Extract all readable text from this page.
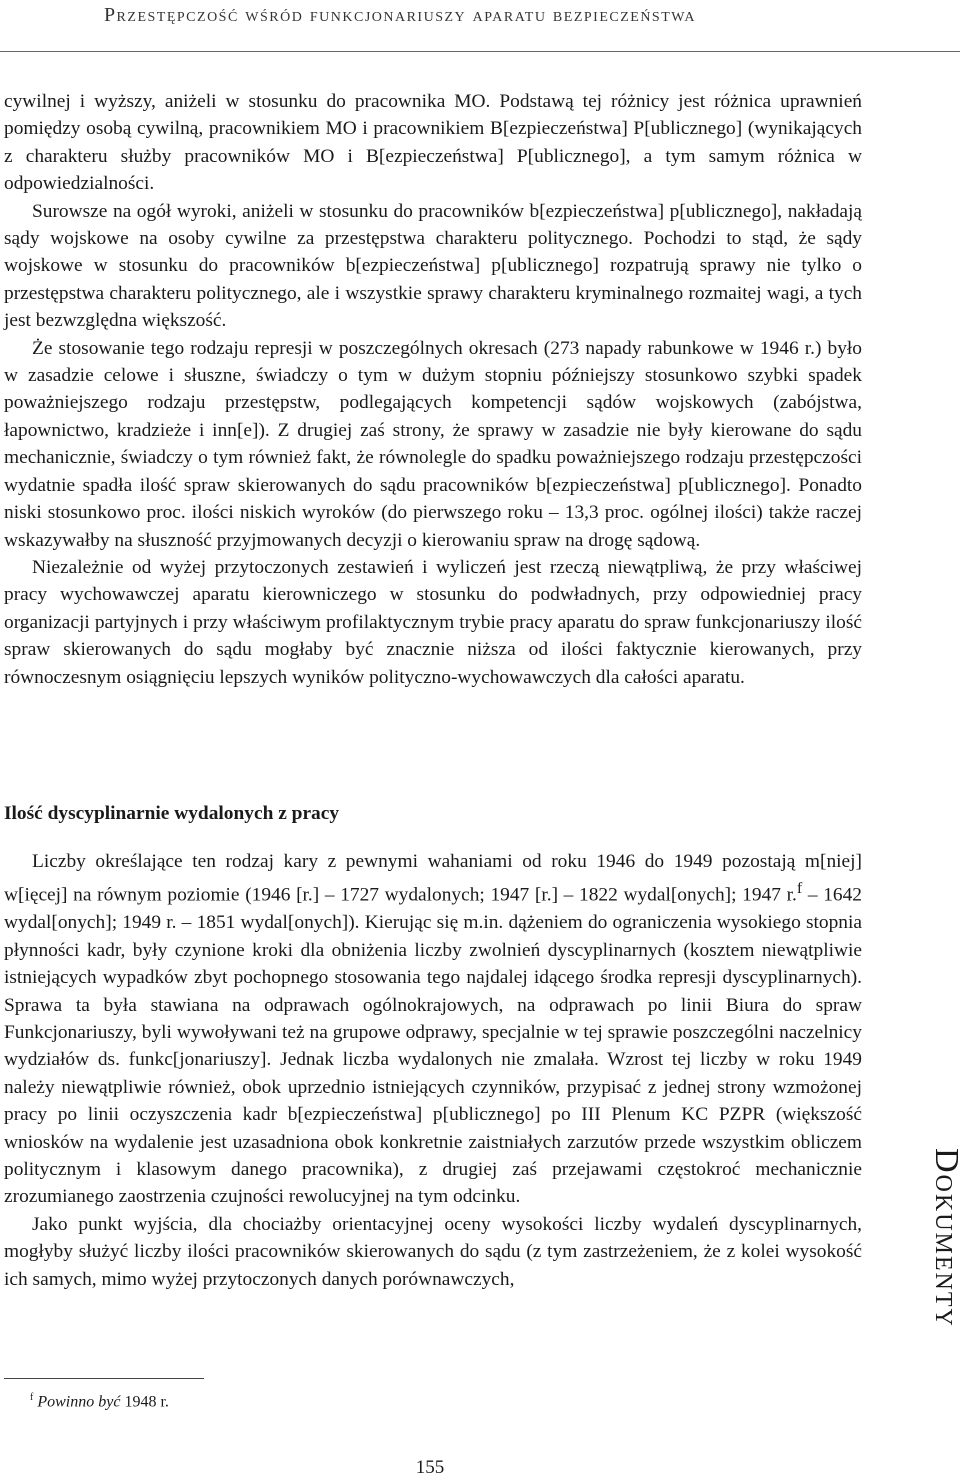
Przestępczość wśród funkcjonariuszy aparatu bezpieczeństwa

cywilnej i wyższy, aniżeli w stosunku do pracownika MO. Podstawą tej różnicy jest różnica uprawnień pomiędzy osobą cywilną, pracownikiem MO i pracownikiem B[ezpieczeństwa] P[ublicznego] (wynikających z charakteru służby pracowników MO i B[ezpieczeństwa] P[ublicznego], a tym samym różnica w odpowiedzialności.

Surowsze na ogół wyroki, aniżeli w stosunku do pracowników b[ezpieczeństwa] p[ublicznego], nakładają sądy wojskowe na osoby cywilne za przestępstwa charakteru politycznego. Pochodzi to stąd, że sądy wojskowe w stosunku do pracowników b[ezpieczeństwa] p[ublicznego] rozpatrują sprawy nie tylko o przestępstwa charakteru politycznego, ale i wszystkie sprawy charakteru kryminalnego rozmaitej wagi, a tych jest bezwzględna większość.

Że stosowanie tego rodzaju represji w poszczególnych okresach (273 napady rabunkowe w 1946 r.) było w zasadzie celowe i słuszne, świadczy o tym w dużym stopniu późniejszy stosunkowo szybki spadek poważniejszego rodzaju przestępstw, podlegających kompetencji sądów wojskowych (zabójstwa, łapownictwo, kradzieże i inn[e]). Z drugiej zaś strony, że sprawy w zasadzie nie były kierowane do sądu mechanicznie, świadczy o tym również fakt, że równolegle do spadku poważniejszego rodzaju przestępczości wydatnie spadła ilość spraw skierowanych do sądu pracowników b[ezpieczeństwa] p[ublicznego]. Ponadto niski stosunkowo proc. ilości niskich wyroków (do pierwszego roku – 13,3 proc. ogólnej ilości) także raczej wskazywałby na słuszność przyjmowanych decyzji o kierowaniu spraw na drogę sądową.

Niezależnie od wyżej przytoczonych zestawień i wyliczeń jest rzeczą niewątpliwą, że przy właściwej pracy wychowawczej aparatu kierowniczego w stosunku do podwładnych, przy odpowiedniej pracy organizacji partyjnych i przy właściwym profilaktycznym trybie pracy aparatu do spraw funkcjonariuszy ilość spraw skierowanych do sądu mogłaby być znacznie niższa od ilości faktycznie kierowanych, przy równoczesnym osiągnięciu lepszych wyników polityczno-wychowawczych dla całości aparatu.

Ilość dyscyplinarnie wydalonych z pracy

Liczby określające ten rodzaj kary z pewnymi wahaniami od roku 1946 do 1949 pozostają m[niej] w[ięcej] na równym poziomie (1946 [r.] – 1727 wydalonych; 1947 [r.] – 1822 wydal[onych]; 1947 r.$^f$ – 1642 wydal[onych]; 1949 r. – 1851 wydal[onych]). Kierując się m.in. dążeniem do ograniczenia wysokiego stopnia płynności kadr, były czynione kroki dla obniżenia liczby zwolnień dyscyplinarnych (kosztem niewątpliwie istniejących wypadków zbyt pochopnego stosowania tego najdalej idącego środka represji dyscyplinarnych). Sprawa ta była stawiana na odprawach ogólnokrajowych, na odprawach po linii Biura do spraw Funkcjonariuszy, byli wywoływani też na grupowe odprawy, specjalnie w tej sprawie poszczególni naczelnicy wydziałów ds. funkc[jonariuszy]. Jednak liczba wydalonych nie zmalała. Wzrost tej liczby w roku 1949 należy niewątpliwie również, obok uprzednio istniejących czynników, przypisać z jednej strony wzmożonej pracy po linii oczyszczenia kadr b[ezpieczeństwa] p[ublicznego] po III Plenum KC PZPR (większość wniosków na wydalenie jest uzasadniona obok konkretnie zaistniałych zarzutów przede wszystkim obliczem politycznym i klasowym danego pracownika), z drugiej zaś przejawami częstokroć mechanicznie zrozumianego zaostrzenia czujności rewolucyjnej na tym odcinku.

Jako punkt wyjścia, dla chociażby orientacyjnej oceny wysokości liczby wydaleń dyscyplinarnych, mogłyby służyć liczby ilości pracowników skierowanych do sądu (z tym zastrzeżeniem, że z kolei wysokość ich samych, mimo wyżej przytoczonych danych porównawczych,

$^f$ Powinno być 1948 r.
155
Dokumenty
